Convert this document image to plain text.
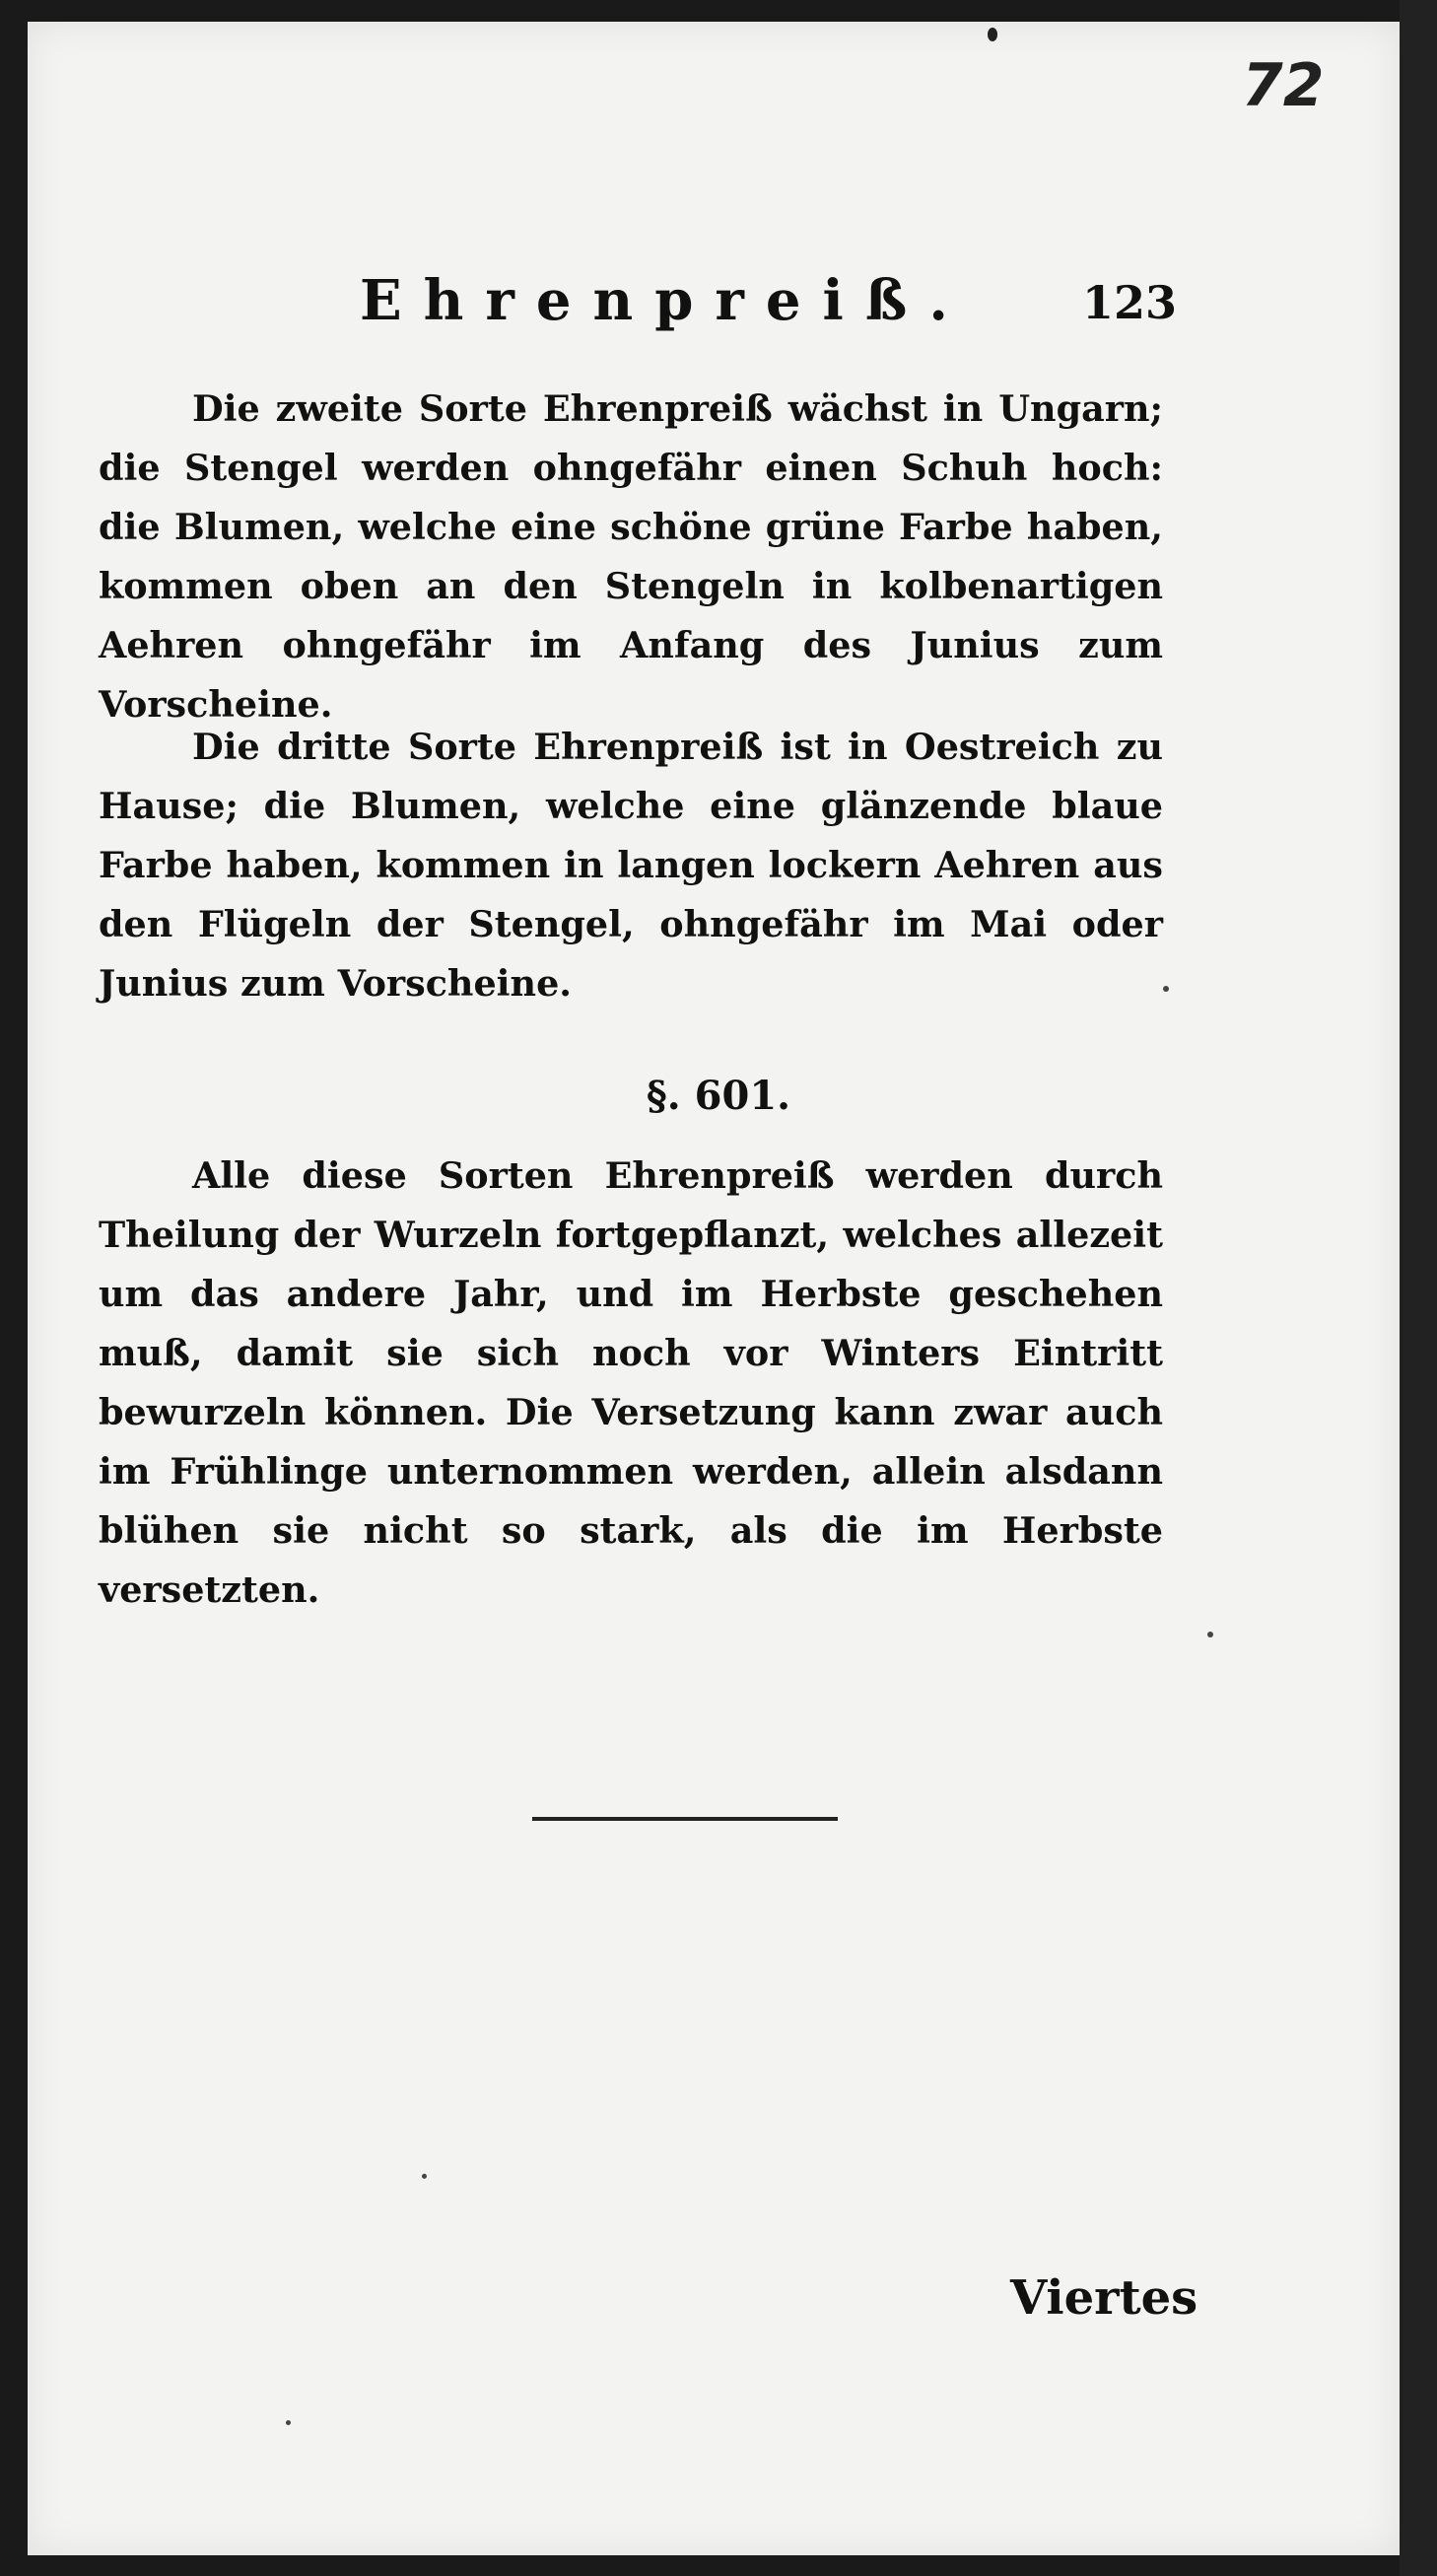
72
Ehrenpreiß. 123

Die zweite Sorte Ehrenpreiß wächst in Ungarn; die Stengel werden ohngefähr einen Schuh hoch: die Blumen, welche eine schöne grüne Farbe haben, kommen oben an den Stengeln in kolbenartigen Aehren ohngefähr im Anfang des Junius zum Vorscheine.

Die dritte Sorte Ehrenpreiß ist in Oestreich zu Hause; die Blumen, welche eine glänzende blaue Farbe haben, kommen in langen lockern Aehren aus den Flügeln der Stengel, ohngefähr im Mai oder Junius zum Vorscheine.

§. 601.

Alle diese Sorten Ehrenpreiß werden durch Theilung der Wurzeln fortgepflanzt, welches allezeit um das andere Jahr, und im Herbste geschehen muß, damit sie sich noch vor Winters Eintritt bewurzeln können. Die Versetzung kann zwar auch im Frühlinge unternommen werden, allein alsdann blühen sie nicht so stark, als die im Herbste versetzten.

Viertes
